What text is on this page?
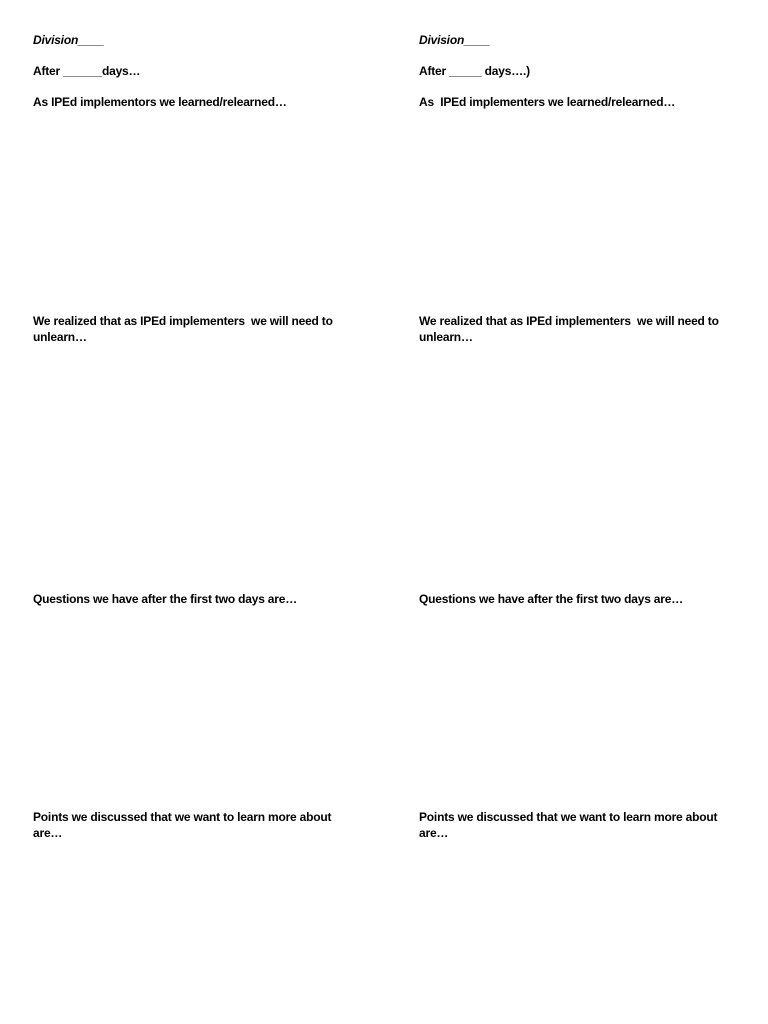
Division____
After ______days…
As IPEd implementors we learned/relearned…
We realized that as IPEd implementers  we will need to unlearn…
Questions we have after the first two days are…
Points we discussed that we want to learn more about are…
Division____
After _____ days….)
As  IPEd implementers we learned/relearned…
We realized that as IPEd implementers  we will need to unlearn…
Questions we have after the first two days are…
Points we discussed that we want to learn more about are…
